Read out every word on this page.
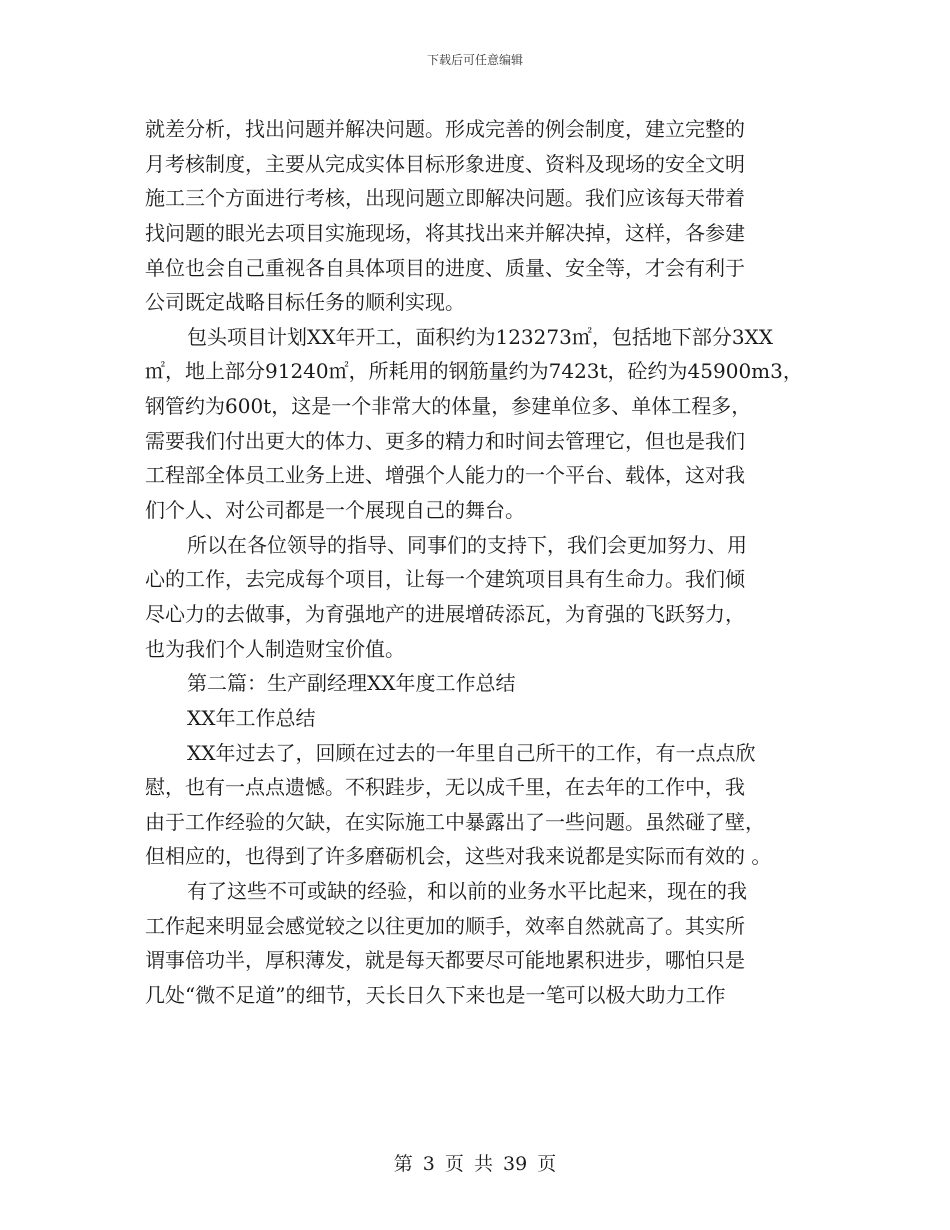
下载后可任意编辑
就差分析，找出问题并解决问题。形成完善的例会制度，建立完整的
月考核制度，主要从完成实体目标形象进度、资料及现场的安全文明
施工三个方面进行考核，出现问题立即解决问题。我们应该每天带着
找问题的眼光去项目实施现场，将其找出来并解决掉，这样，各参建
单位也会自己重视各自具体项目的进度、质量、安全等，才会有利于
公司既定战略目标任务的顺利实现。
包头项目计划XX年开工，面积约为123273㎡，包括地下部分3XX
㎡，地上部分91240㎡，所耗用的钢筋量约为7423t，砼约为45900m3，
钢管约为600t，这是一个非常大的体量，参建单位多、单体工程多，
需要我们付出更大的体力、更多的精力和时间去管理它，但也是我们
工程部全体员工业务上进、增强个人能力的一个平台、载体，这对我
们个人、对公司都是一个展现自己的舞台。
所以在各位领导的指导、同事们的支持下，我们会更加努力、用
心的工作，去完成每个项目，让每一个建筑项目具有生命力。我们倾
尽心力的去做事，为育强地产的进展增砖添瓦，为育强的飞跃努力，
也为我们个人制造财宝价值。
第二篇：生产副经理XX年度工作总结
XX年工作总结
XX年过去了，回顾在过去的一年里自己所干的工作，有一点点欣
慰，也有一点点遗憾。不积跬步，无以成千里，在去年的工作中，我
由于工作经验的欠缺，在实际施工中暴露出了一些问题。虽然碰了壁，
但相应的，也得到了许多磨砺机会，这些对我来说都是实际而有效的 。
有了这些不可或缺的经验，和以前的业务水平比起来，现在的我
工作起来明显会感觉较之以往更加的顺手，效率自然就高了。其实所
谓事倍功半，厚积薄发，就是每天都要尽可能地累积进步，哪怕只是
几处“微不足道”的细节，天长日久下来也是一笔可以极大助力工作
第 3 页 共 39 页
